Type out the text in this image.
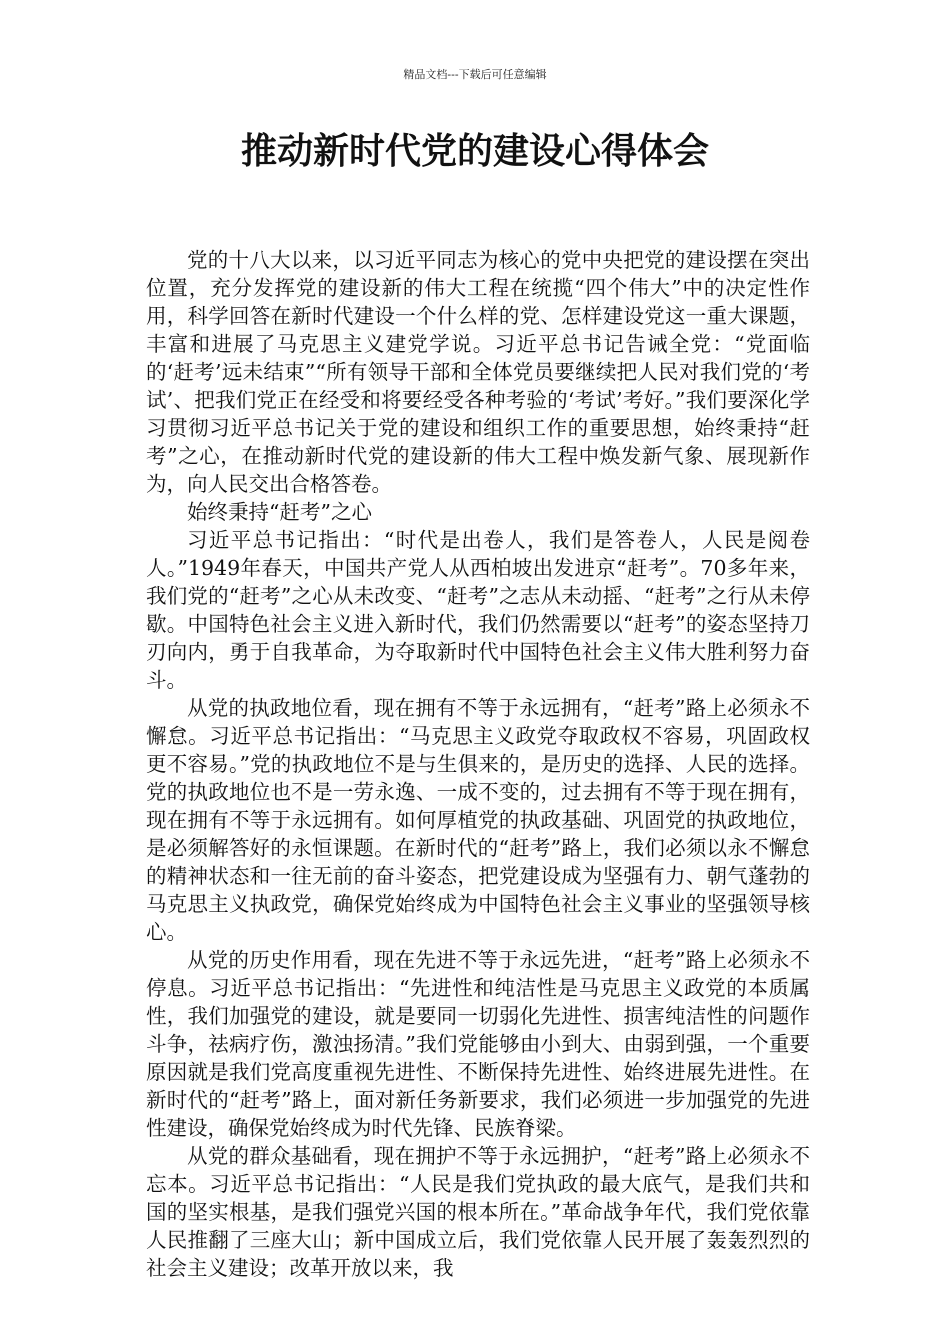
精品文档---下载后可任意编辑
推动新时代党的建设心得体会

党的十八大以来，以习近平同志为核心的党中央把党的建设摆在突出位置，充分发挥党的建设新的伟大工程在统揽“四个伟大”中的决定性作用，科学回答在新时代建设一个什么样的党、怎样建设党这一重大课题，丰富和进展了马克思主义建党学说。习近平总书记告诫全党：“党面临的‘赶考’远未结束”“所有领导干部和全体党员要继续把人民对我们党的‘考试’、把我们党正在经受和将要经受各种考验的‘考试’考好。”我们要深化学习贯彻习近平总书记关于党的建设和组织工作的重要思想，始终秉持“赶考”之心，在推动新时代党的建设新的伟大工程中焕发新气象、展现新作为，向人民交出合格答卷。

始终秉持“赶考”之心

习近平总书记指出：“时代是出卷人，我们是答卷人，人民是阅卷人。”1949年春天，中国共产党人从西柏坡出发进京“赶考”。70多年来，我们党的“赶考”之心从未改变、“赶考”之志从未动摇、“赶考”之行从未停歇。中国特色社会主义进入新时代，我们仍然需要以“赶考”的姿态坚持刀刃向内，勇于自我革命，为夺取新时代中国特色社会主义伟大胜利努力奋斗。

从党的执政地位看，现在拥有不等于永远拥有，“赶考”路上必须永不懈怠。习近平总书记指出：“马克思主义政党夺取政权不容易，巩固政权更不容易。”党的执政地位不是与生俱来的，是历史的选择、人民的选择。党的执政地位也不是一劳永逸、一成不变的，过去拥有不等于现在拥有，现在拥有不等于永远拥有。如何厚植党的执政基础、巩固党的执政地位，是必须解答好的永恒课题。在新时代的“赶考”路上，我们必须以永不懈怠的精神状态和一往无前的奋斗姿态，把党建设成为坚强有力、朝气蓬勃的马克思主义执政党，确保党始终成为中国特色社会主义事业的坚强领导核心。

从党的历史作用看，现在先进不等于永远先进，“赶考”路上必须永不停息。习近平总书记指出：“先进性和纯洁性是马克思主义政党的本质属性，我们加强党的建设，就是要同一切弱化先进性、损害纯洁性的问题作斗争，祛病疗伤，激浊扬清。”我们党能够由小到大、由弱到强，一个重要原因就是我们党高度重视先进性、不断保持先进性、始终进展先进性。在新时代的“赶考”路上，面对新任务新要求，我们必须进一步加强党的先进性建设，确保党始终成为时代先锋、民族脊梁。

从党的群众基础看，现在拥护不等于永远拥护，“赶考”路上必须永不忘本。习近平总书记指出：“人民是我们党执政的最大底气，是我们共和国的坚实根基，是我们强党兴国的根本所在。”革命战争年代，我们党依靠人民推翻了三座大山；新中国成立后，我们党依靠人民开展了轰轰烈烈的社会主义建设；改革开放以来，我
